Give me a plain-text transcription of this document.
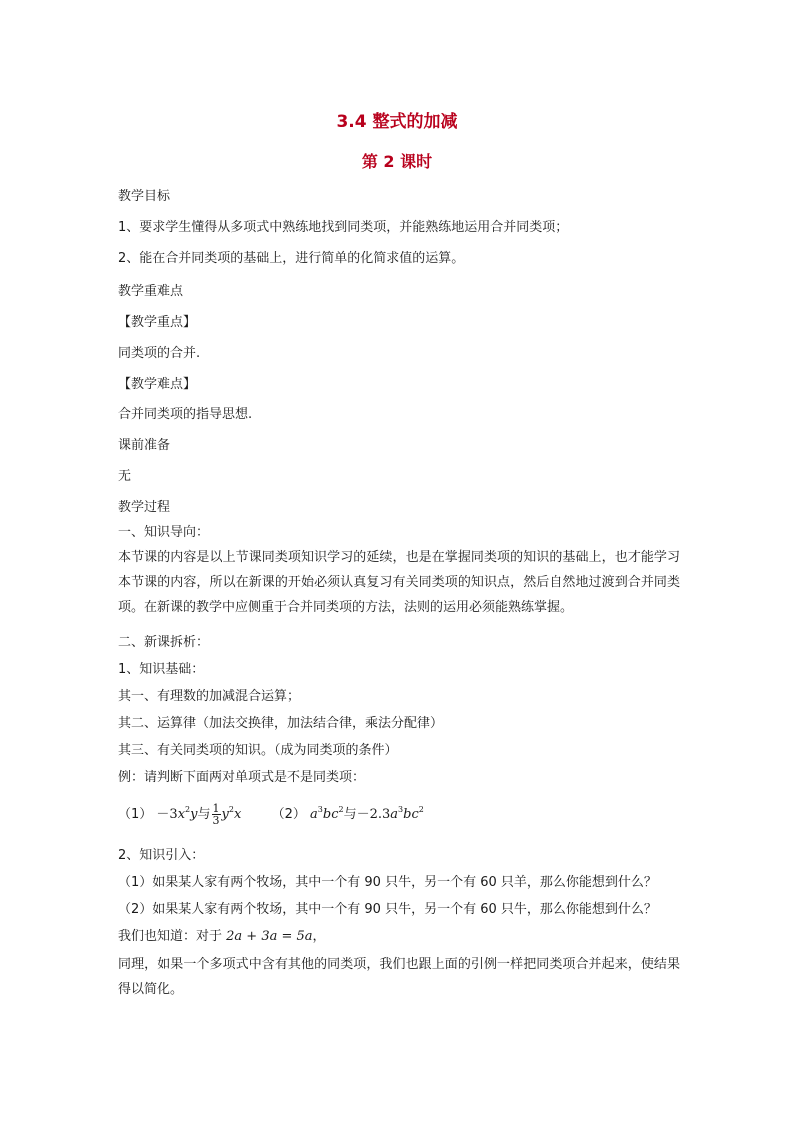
3.4 整式的加减
第 2 课时
教学目标
1、要求学生懂得从多项式中熟练地找到同类项，并能熟练地运用合并同类项；
2、能在合并同类项的基础上，进行简单的化简求值的运算。
教学重难点
【教学重点】
同类项的合并.
【教学难点】
合并同类项的指导思想.
课前准备
无
教学过程
一、知识导向：
本节课的内容是以上节课同类项知识学习的延续，也是在掌握同类项的知识的基础上，也才能学习本节课的内容，所以在新课的开始必须认真复习有关同类项的知识点，然后自然地过渡到合并同类项。在新课的教学中应侧重于合并同类项的方法，法则的运用必须能熟练掌握。
二、新课拆析：
1、知识基础：
其一、有理数的加减混合运算；
其二、运算律（加法交换律，加法结合律，乘法分配律）
其三、有关同类项的知识。（成为同类项的条件）
例：请判断下面两对单项式是不是同类项：
$(1) -3x^2y$与 $\frac{1}{3} y^2x$ （2） $a^3bc^2$与$-2.3a^3bc^2$
2、知识引入：
（1）如果某人家有两个牧场，其中一个有 90 只牛，另一个有 60 只羊，那么你能想到什么？
（2）如果某人家有两个牧场，其中一个有 90 只牛，另一个有 60 只牛，那么你能想到什么？
我们也知道：对于 2a + 3a = 5a，
同理，如果一个多项式中含有其他的同类项，我们也跟上面的引例一样把同类项合并起来，使结果得以简化。
